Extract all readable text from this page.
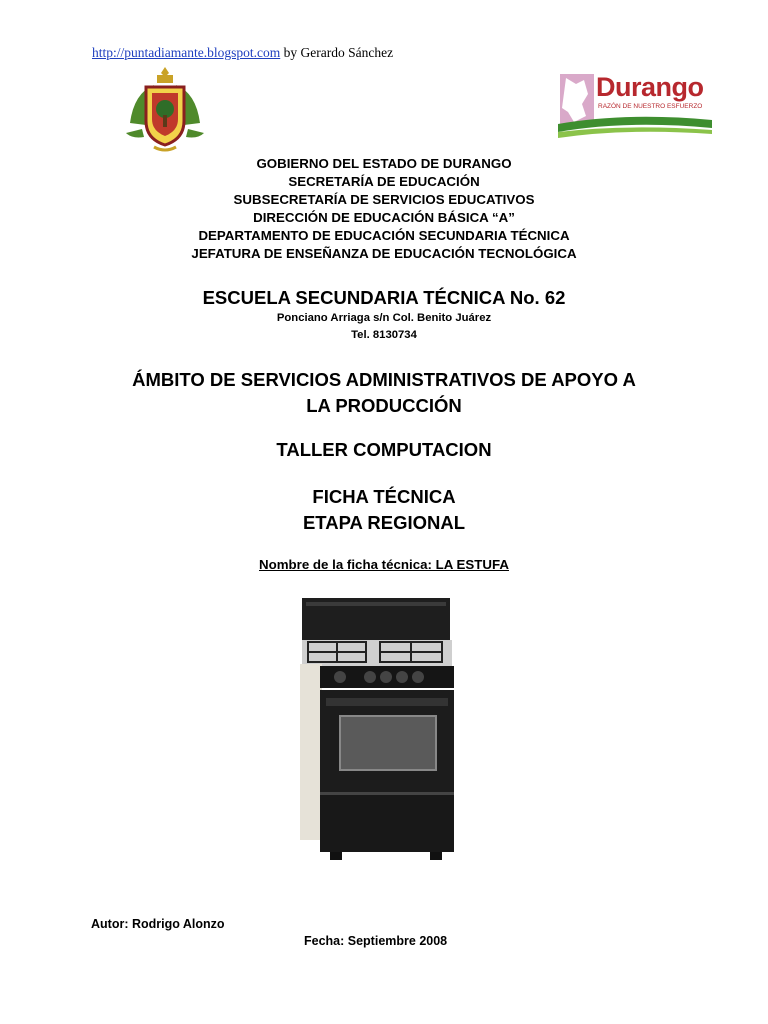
http://puntadiamante.blogspot.com by Gerardo Sánchez
Durango
RAZÓN DE NUESTRO ESFUERZO
GOBIERNO DEL ESTADO DE DURANGO
SECRETARÍA DE EDUCACIÓN
SUBSECRETARÍA DE SERVICIOS EDUCATIVOS
DIRECCIÓN DE EDUCACIÓN BÁSICA “A”
DEPARTAMENTO DE EDUCACIÓN SECUNDARIA TÉCNICA
JEFATURA DE ENSEÑANZA DE EDUCACIÓN TECNOLÓGICA
ESCUELA SECUNDARIA TÉCNICA No. 62
Ponciano Arriaga s/n Col. Benito Juárez
Tel. 8130734
ÁMBITO DE SERVICIOS ADMINISTRATIVOS DE APOYO A
LA PRODUCCIÓN
TALLER COMPUTACION
FICHA TÉCNICA
ETAPA REGIONAL
Nombre de la ficha técnica: LA ESTUFA
Autor: Rodrigo Alonzo
Fecha: Septiembre 2008
